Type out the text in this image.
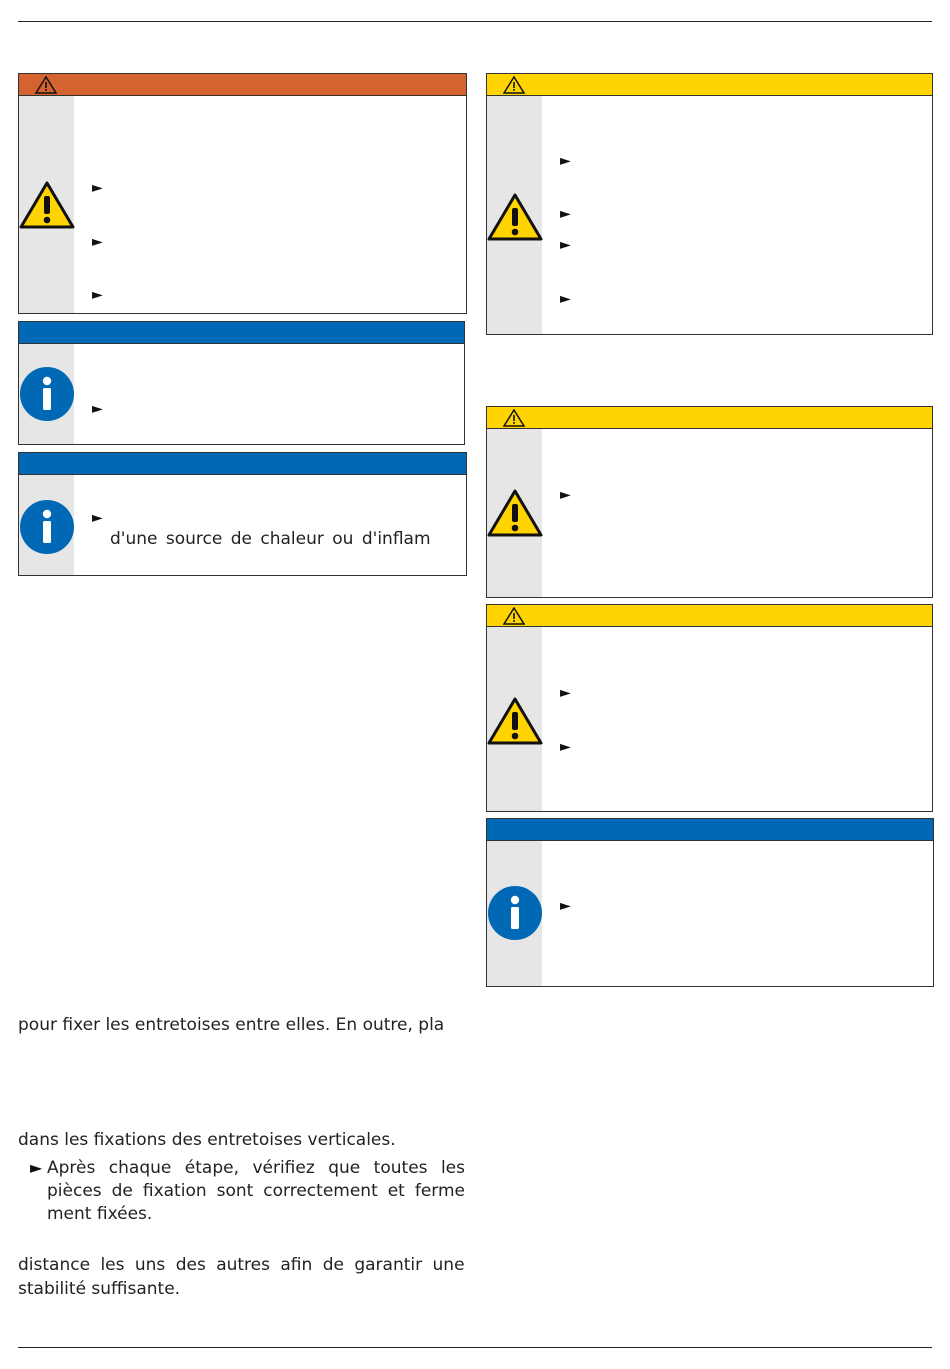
►
►
►
►
►
d'une source de chaleur ou d'inflam
►
►
►
►
►
►
►
►
pour fixer les entretoises entre elles. En outre, pla
dans les fixations des entretoises verticales.
► Après chaque étape, vérifiez que toutes les pièces de fixation sont correctement et ferme ment fixées.
distance les uns des autres afin de garantir une
stabilité suffisante.
